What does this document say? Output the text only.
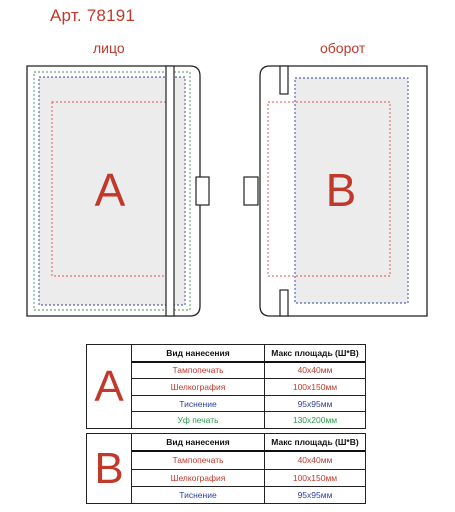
Арт. 78191
лицо	оборот
A	B
A
Вид нанесения	Макс площадь (Ш*В)
Тампопечать	40x40мм
Шелкография	100x150мм
Тиснение	95x95мм
Уф печать	130x200мм
B
Вид нанесения	Макс площадь (Ш*В)
Тампопечать	40x40мм
Шелкография	100x150мм
Тиснение	95x95мм
